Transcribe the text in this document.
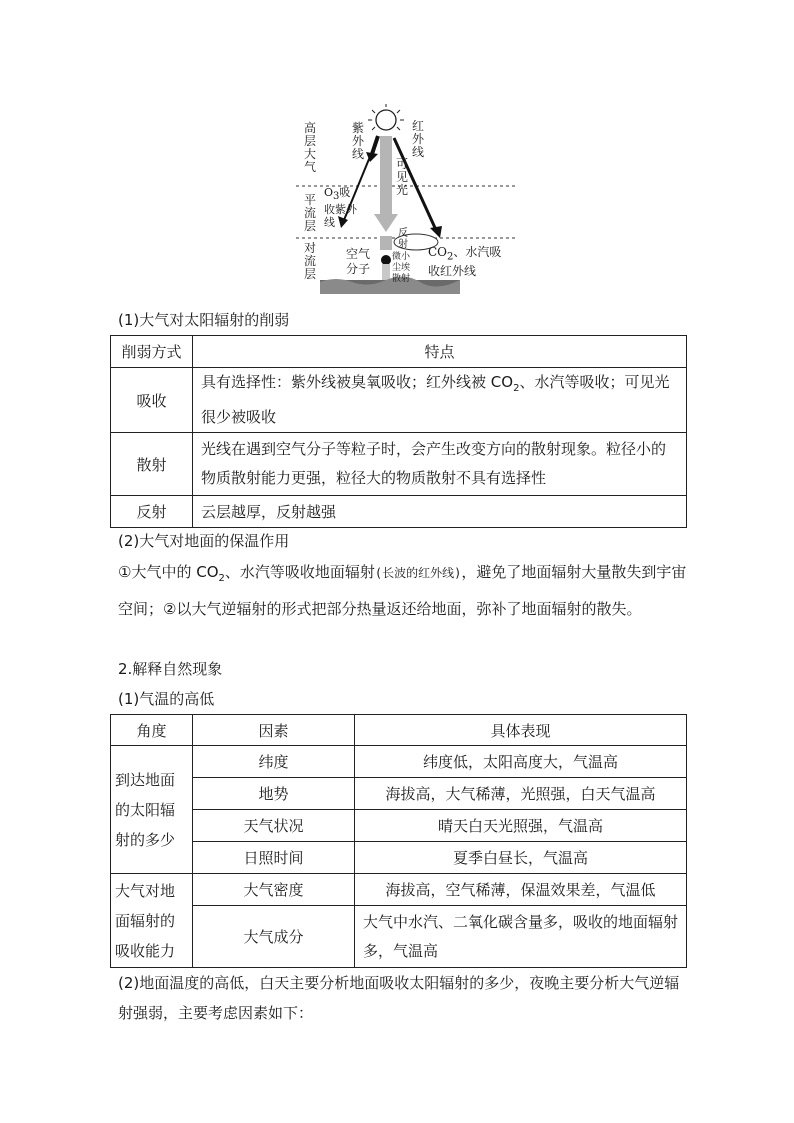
高层大气
平流层
对流层
紫外线
红外线
可见光
$O_3$吸收紫外线
反射
微小尘埃散射
空气分子
$CO_2$、水汽吸收红外线
(1)大气对太阳辐射的削弱
削弱方式	特点
吸收	具有选择性：紫外线被臭氧吸收；红外线被 $CO_2$、水汽等吸收；可见光很少被吸收
散射	光线在遇到空气分子等粒子时，会产生改变方向的散射现象。粒径小的物质散射能力更强，粒径大的物质散射不具有选择性
反射	云层越厚，反射越强
(2)大气对地面的保温作用
①大气中的 $CO_2$、水汽等吸收地面辐射(长波的红外线)，避免了地面辐射大量散失到宇宙空间；②以大气逆辐射的形式把部分热量返还给地面，弥补了地面辐射的散失。
2.解释自然现象
(1)气温的高低
角度	因素	具体表现
到达地面的太阳辐射的多少	纬度	纬度低，太阳高度大，气温高
	地势	海拔高，大气稀薄，光照强，白天气温高
	天气状况	晴天白天光照强，气温高
	日照时间	夏季白昼长，气温高
大气对地面辐射的吸收能力	大气密度	海拔高，空气稀薄，保温效果差，气温低
	大气成分	大气中水汽、二氧化碳含量多，吸收的地面辐射多，气温高
(2)地面温度的高低，白天主要分析地面吸收太阳辐射的多少，夜晚主要分析大气逆辐射强弱，主要考虑因素如下：
